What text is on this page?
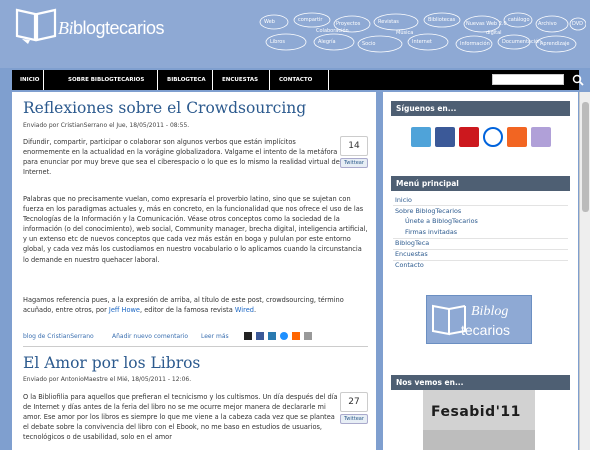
Biblogtecarios	Web	compartir
Proyectos	Revistas	Bibliotecas
Nuevas Web 2.0
catálogo
Archivo
Libros	Alegría	Socio	Internet	Información Documentación
Aprendizaje
DVD
Música
Colaboración	digital
INICIO	SOBRE BIBLOGTECARIOS	BIBLOGTECA	ENCUESTAS	CONTACTO
Reflexiones sobre el Crowdsourcing
Enviado por CristianSerrano el Jue, 18/05/2011 - 08:55.
14
Twittear
Difundir, compartir, participar o colaborar son algunos verbos que están implícitos enormemente en la actualidad en la vorágine globalizadora. Valgame el intento de la metáfora para enunciar por muy breve que sea el ciberespacio o lo que es lo mismo la realidad virtual de Internet.
Palabras que no precisamente vuelan, como expresaría el proverbio latino, sino que se sujetan con fuerza en los paradigmas actuales y, más en concreto, en la funcionalidad que nos ofrece el uso de las Tecnologías de la Información y la Comunicación. Véase otros conceptos como la sociedad de la información (o del conocimiento), web social, Community manager, brecha digital, inteligencia artificial, y un extenso etc de nuevos conceptos que cada vez más están en boga y pululan por este entorno global, y cada vez más los custodiamos en nuestro vocabulario o lo aplicamos cuando la circunstancia lo demande en nuestro quehacer laboral.
Hagamos referencia pues, a la expresión de arriba, al título de este post, crowdsourcing, término acuñado, entre otros, por Jeff Howe, editor de la famosa revista Wired.
blog de CristianSerrano	Añadir nuevo comentario Leer más
El Amor por los Libros
Enviado por AntonioMaestre el Mié, 18/05/2011 - 12:06.
27
Twittear
O la Bibliofilia para aquellos que prefieran el tecnicismo y los cultismos. Un día después del día de Internet y días antes de la feria del libro no se me ocurre mejor manera de declararle mi amor. Ese amor por los libros es siempre lo que me viene a la cabeza cada vez que se plantea el debate sobre la convivencia del libro con el Ebook, no me baso en estudios de usuarios, tecnológicos o de usabilidad, solo en el amor
Síguenos en...
Menú principal
Inicio
Sobre BiblogTecarios
Únete a BiblogTecarios
Firmas invitadas
BiblogTeca
Encuestas
Contacto
Biblog
tecarios
Nos vemos en...
Fesabid'11
